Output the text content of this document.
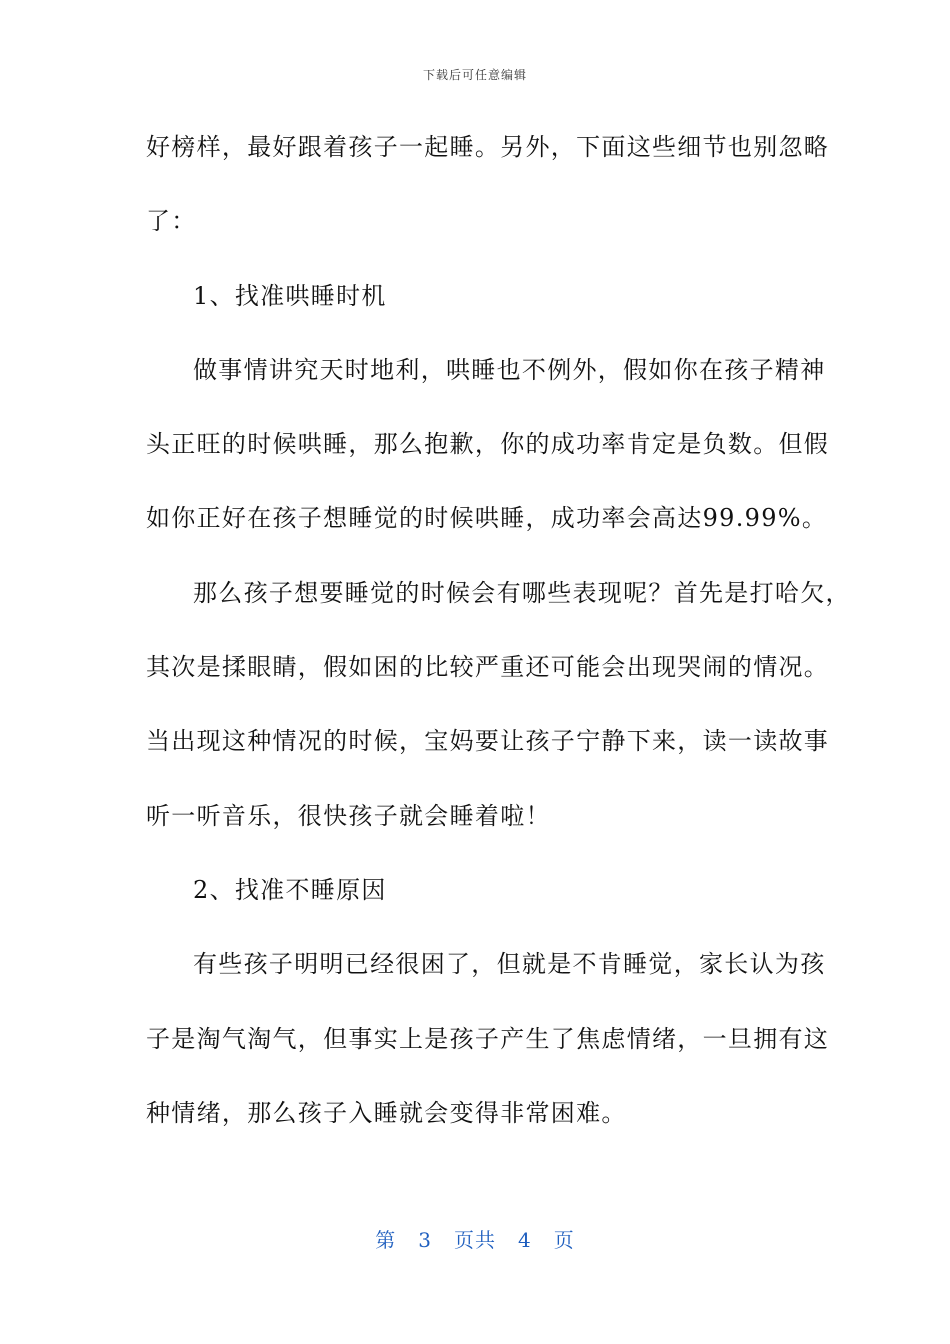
下载后可任意编辑
好榜样，最好跟着孩子一起睡。另外，下面这些细节也别忽略
了：
1、找准哄睡时机
做事情讲究天时地利，哄睡也不例外，假如你在孩子精神
头正旺的时候哄睡，那么抱歉，你的成功率肯定是负数。但假
如你正好在孩子想睡觉的时候哄睡，成功率会高达99.99%。
那么孩子想要睡觉的时候会有哪些表现呢？首先是打哈欠，
其次是揉眼睛，假如困的比较严重还可能会出现哭闹的情况。
当出现这种情况的时候，宝妈要让孩子宁静下来，读一读故事
听一听音乐，很快孩子就会睡着啦！
2、找准不睡原因
有些孩子明明已经很困了，但就是不肯睡觉，家长认为孩
子是淘气淘气，但事实上是孩子产生了焦虑情绪，一旦拥有这
种情绪，那么孩子入睡就会变得非常困难。
第 3 页共 4 页
